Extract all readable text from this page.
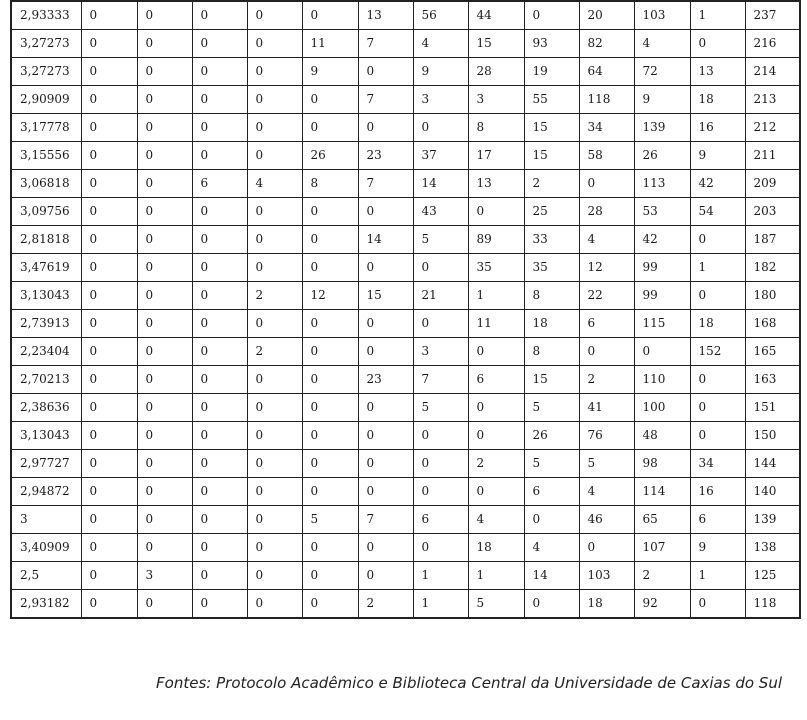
2,93333	0	0	0	0	0	13	56	44	0	20	103	1	237
3,27273	0	0	0	0	11	7	4	15	93	82	4	0	216
3,27273	0	0	0	0	9	0	9	28	19	64	72	13	214
2,90909	0	0	0	0	0	7	3	3	55	118	9	18	213
3,17778	0	0	0	0	0	0	0	8	15	34	139	16	212
3,15556	0	0	0	0	26	23	37	17	15	58	26	9	211
3,06818	0	0	6	4	8	7	14	13	2	0	113	42	209
3,09756	0	0	0	0	0	0	43	0	25	28	53	54	203
2,81818	0	0	0	0	0	14	5	89	33	4	42	0	187
3,47619	0	0	0	0	0	0	0	35	35	12	99	1	182
3,13043	0	0	0	2	12	15	21	1	8	22	99	0	180
2,73913	0	0	0	0	0	0	0	11	18	6	115	18	168
2,23404	0	0	0	2	0	0	3	0	8	0	0	152	165
2,70213	0	0	0	0	0	23	7	6	15	2	110	0	163
2,38636	0	0	0	0	0	0	5	0	5	41	100	0	151
3,13043	0	0	0	0	0	0	0	0	26	76	48	0	150
2,97727	0	0	0	0	0	0	0	2	5	5	98	34	144
2,94872	0	0	0	0	0	0	0	0	6	4	114	16	140
3	0	0	0	0	5	7	6	4	0	46	65	6	139
3,40909	0	0	0	0	0	0	0	18	4	0	107	9	138
2,5	0	3	0	0	0	0	1	1	14	103	2	1	125
2,93182	0	0	0	0	0	2	1	5	0	18	92	0	118
Fontes: Protocolo Acadêmico e Biblioteca Central da Universidade de Caxias do Sul
